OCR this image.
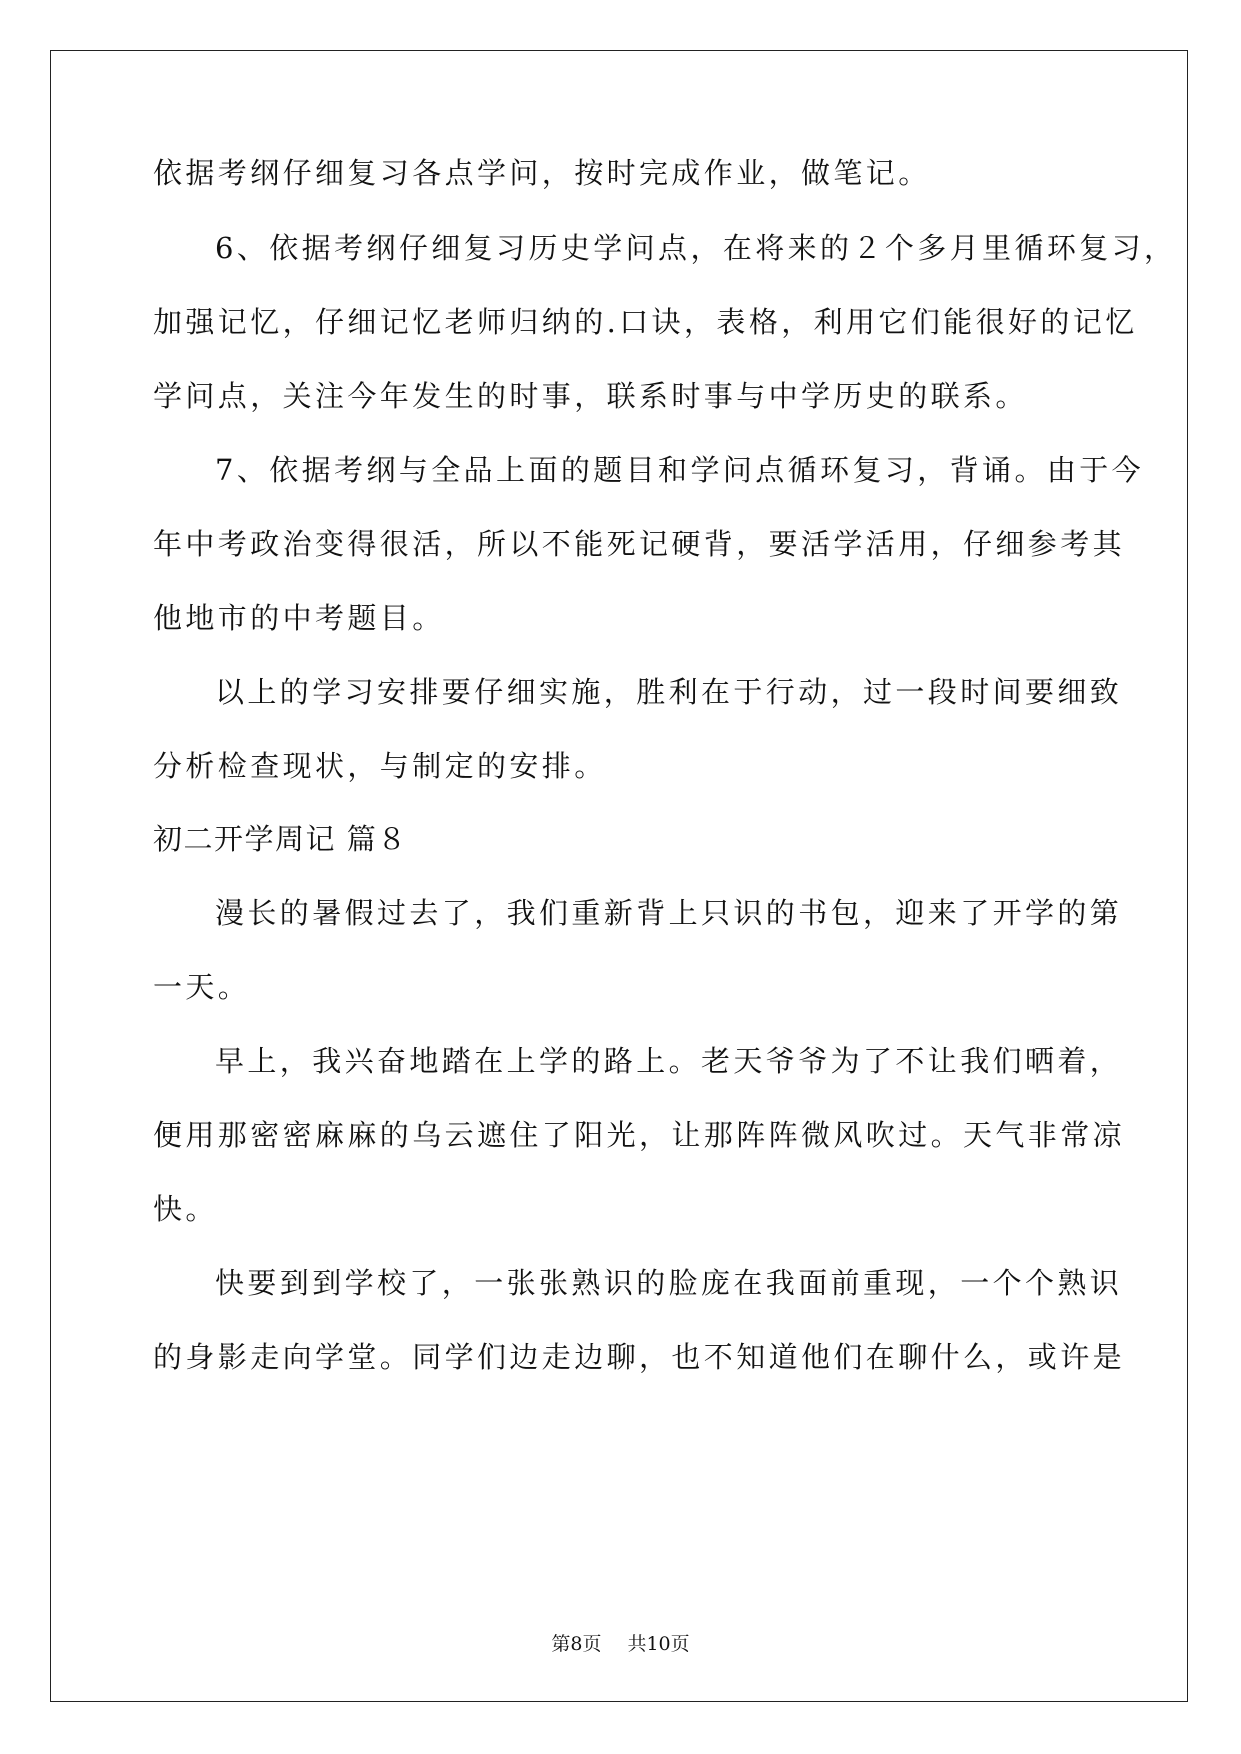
依据考纲仔细复习各点学问，按时完成作业，做笔记。
6、依据考纲仔细复习历史学问点，在将来的２个多月里循环复习，
加强记忆，仔细记忆老师归纳的.口诀，表格，利用它们能很好的记忆
学问点，关注今年发生的时事，联系时事与中学历史的联系。
7、依据考纲与全品上面的题目和学问点循环复习，背诵。由于今
年中考政治变得很活，所以不能死记硬背，要活学活用，仔细参考其
他地市的中考题目。
以上的学习安排要仔细实施，胜利在于行动，过一段时间要细致
分析检查现状，与制定的安排。
初二开学周记 篇８
漫长的暑假过去了，我们重新背上只识的书包，迎来了开学的第
一天。
早上，我兴奋地踏在上学的路上。老天爷爷为了不让我们晒着，
便用那密密麻麻的乌云遮住了阳光，让那阵阵微风吹过。天气非常凉
快。
快要到到学校了，一张张熟识的脸庞在我面前重现，一个个熟识
的身影走向学堂。同学们边走边聊，也不知道他们在聊什么，或许是
第8页 共10页
